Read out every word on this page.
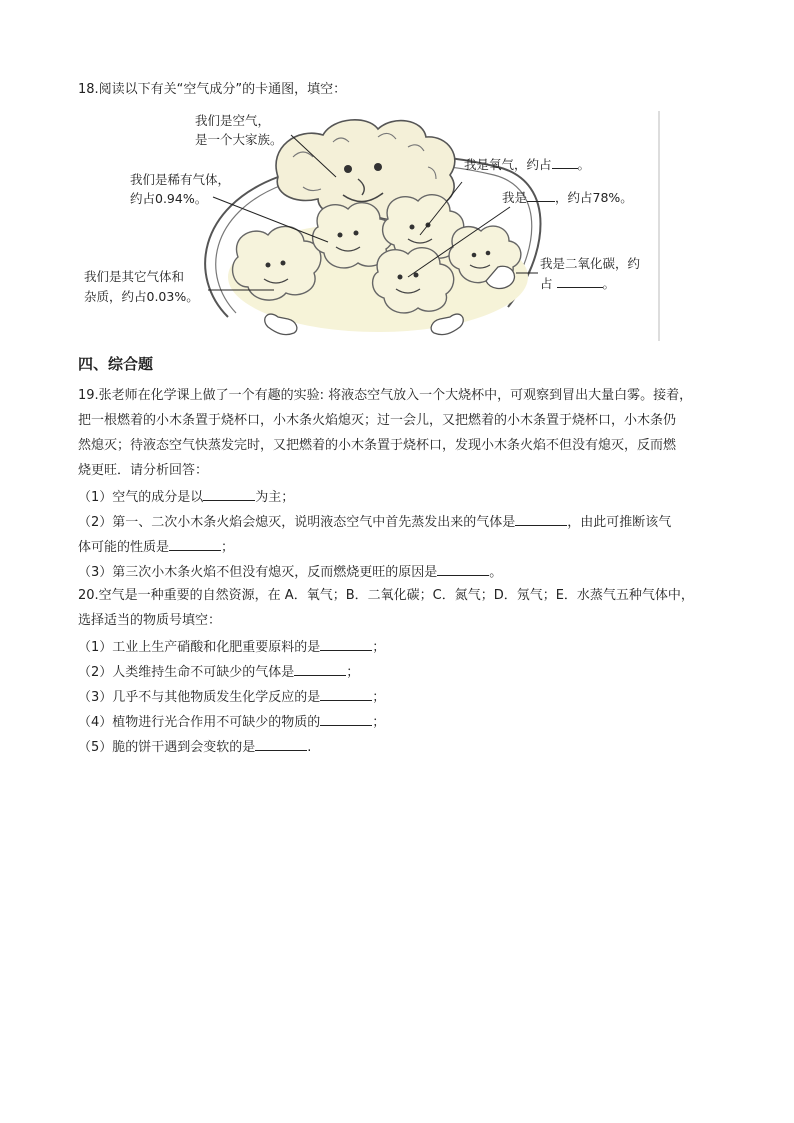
18.阅读以下有关“空气成分”的卡通图，填空：
我们是空气，
是一个大家族。
我们是稀有气体，
约占0.94%。
我们是其它气体和
杂质，约占0.03%。
我是氧气，约占 。
我是 ，约占78%。
我是二氧化碳，约
占	。
四、综合题
19.张老师在化学课上做了一个有趣的实验: 将液态空气放入一个大烧杯中，可观察到冒出大量白雾。接着，
把一根燃着的小木条置于烧杯口，小木条火焰熄灭；过一会儿，又把燃着的小木条置于烧杯口，小木条仍
然熄灭；待液态空气快蒸发完时，又把燃着的小木条置于烧杯口，发现小木条火焰不但没有熄灭，反而燃
烧更旺．请分析回答：
（1）空气的成分是以	为主；
（2）第一、二次小木条火焰会熄灭，说明液态空气中首先蒸发出来的气体是	，由此可推断该气
体可能的性质是	；
（3）第三次小木条火焰不但没有熄灭，反而燃烧更旺的原因是	。
20.空气是一种重要的自然资源，在 A．氧气；B．二氧化碳；C．氮气；D．氖气；E．水蒸气五种气体中，
选择适当的物质号填空：
（1）工业上生产硝酸和化肥重要原料的是	；
（2）人类维持生命不可缺少的气体是	；
（3）几乎不与其他物质发生化学反应的是	；
（4）植物进行光合作用不可缺少的物质的	；
（5）脆的饼干遇到会变软的是	.
